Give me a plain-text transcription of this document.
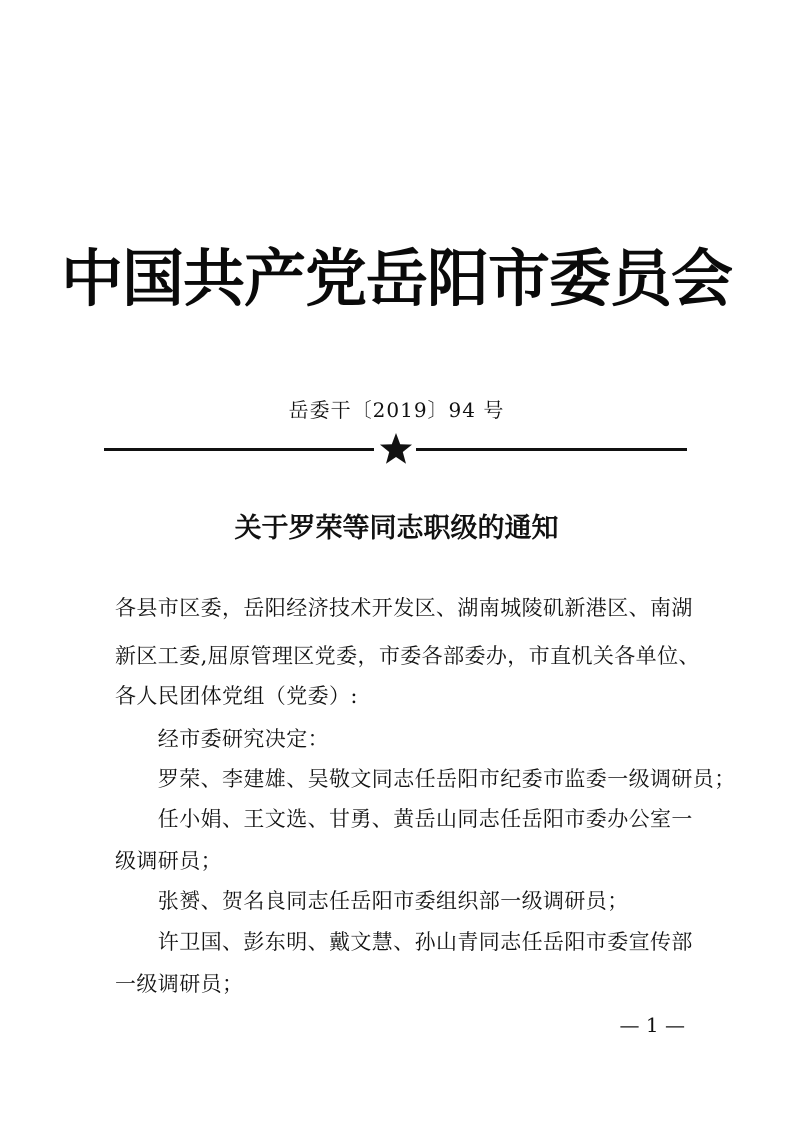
中国共产党岳阳市委员会
岳委干〔2019〕94 号
关于罗荣等同志职级的通知
各县市区委，岳阳经济技术开发区、湖南城陵矶新港区、南湖
新区工委,屈原管理区党委，市委各部委办，市直机关各单位、
各人民团体党组（党委）:
　　经市委研究决定：
　　罗荣、李建雄、吴敬文同志任岳阳市纪委市监委一级调研员；
　　任小娟、王文选、甘勇、黄岳山同志任岳阳市委办公室一
级调研员；
　　张赟、贺名良同志任岳阳市委组织部一级调研员；
　　许卫国、彭东明、戴文慧、孙山青同志任岳阳市委宣传部
一级调研员；
— 1 —
